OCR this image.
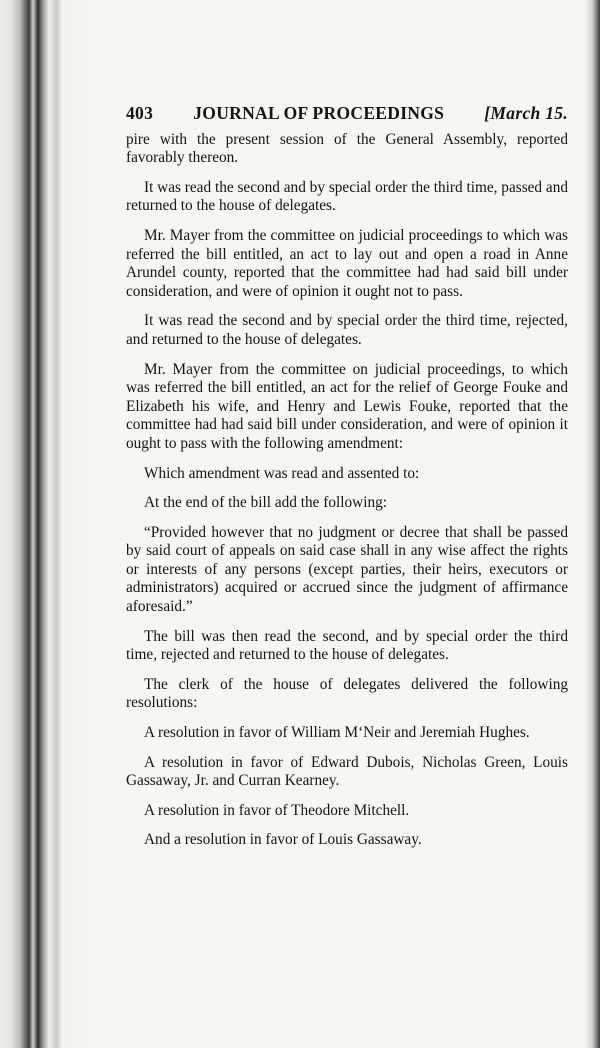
403 JOURNAL OF PROCEEDINGS [March 15.

pire with the present session of the General Assembly, reported favorably thereon.

It was read the second and by special order the third time, passed and returned to the house of delegates.

Mr. Mayer from the committee on judicial proceedings to which was referred the bill entitled, an act to lay out and open a road in Anne Arundel county, reported that the committee had had said bill under consideration, and were of opinion it ought not to pass.

It was read the second and by special order the third time, rejected, and returned to the house of delegates.

Mr. Mayer from the committee on judicial proceedings, to which was referred the bill entitled, an act for the relief of George Fouke and Elizabeth his wife, and Henry and Lewis Fouke, reported that the committee had had said bill under consideration, and were of opinion it ought to pass with the following amendment:

Which amendment was read and assented to:

At the end of the bill add the following:

“Provided however that no judgment or decree that shall be passed by said court of appeals on said case shall in any wise affect the rights or interests of any persons (except parties, their heirs, executors or administrators) acquired or accrued since the judgment of affirmance aforesaid.”

The bill was then read the second, and by special order the third time, rejected and returned to the house of delegates.

The clerk of the house of delegates delivered the following resolutions:

A resolution in favor of William M‘Neir and Jeremiah Hughes.

A resolution in favor of Edward Dubois, Nicholas Green, Louis Gassaway, Jr. and Curran Kearney.

A resolution in favor of Theodore Mitchell.

And a resolution in favor of Louis Gassaway.
